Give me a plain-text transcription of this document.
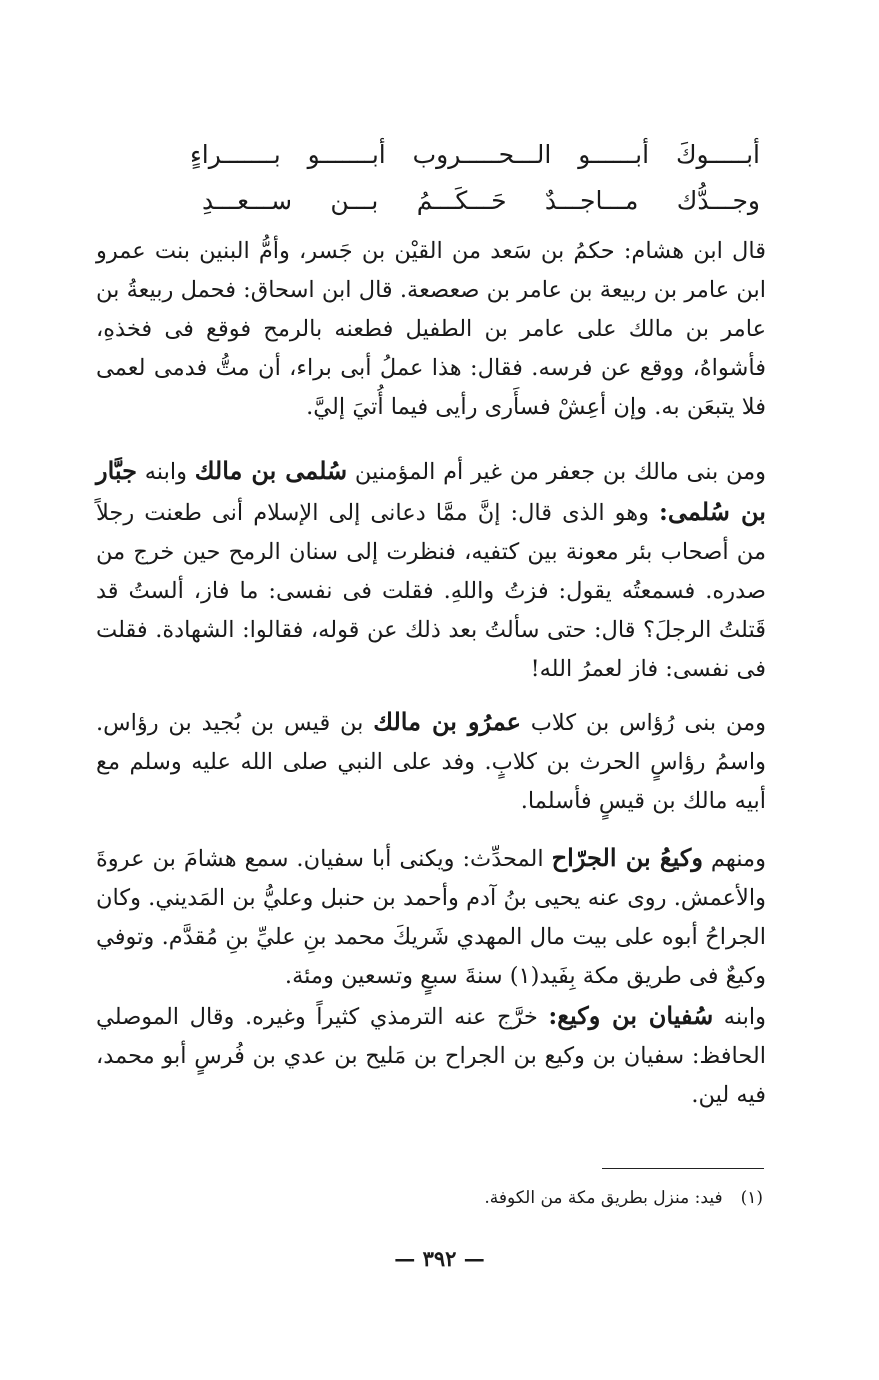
أبـــــوكَ أبــــــو الـــحـــــروب أبـــــــو بـــــــراءٍ
وجـــدُّك مـــاجـــدٌ حَـــكَـــمُ بـــن ســـعـــدِ

قال ابن هشام: حكمُ بن سَعد من القيْن بن جَسر، وأمُّ البنين بنت عمرو ابن عامر بن ربيعة بن عامر بن صعصعة. قال ابن اسحاق: فحمل ربيعةُ بن عامر بن مالك على عامر بن الطفيل فطعنه بالرمح فوقع فى فخذهِ، فأشواهُ، ووقع عن فرسه. فقال: هذا عملُ أبى براء، أن متُّ فدمى لعمى فلا يتبعَن به. وإن أعِشْ فسأَرى رأيى فيما أُتيَ إليَّ.

ومن بنى مالك بن جعفر من غير أم المؤمنين سُلمى بن مالك وابنه جبَّار بن سُلمى: وهو الذى قال: إنَّ ممَّا دعانى إلى الإسلام أنى طعنت رجلاً من أصحاب بئر معونة بين كتفيه، فنظرت إلى سنان الرمح حين خرج من صدره. فسمعتُه يقول: فزتُ واللهِ. فقلت فى نفسى: ما فاز، ألستُ قد قَتلتُ الرجلَ؟ قال: حتى سألتُ بعد ذلك عن قوله، فقالوا: الشهادة. فقلت فى نفسى: فاز لعمرُ الله!

ومن بنى رُؤاس بن كلاب عمرُو بن مالك بن قيس بن بُجيد بن رؤاس. واسمُ رؤاسٍ الحرث بن كلابٍ. وفد على النبي صلى الله عليه وسلم مع أبيه مالك بن قيسٍ فأسلما.

ومنهم وكيعُ بن الجرّاح المحدِّث: ويكنى أبا سفيان. سمع هشامَ بن عروةَ والأعمش. روى عنه يحيى بنُ آدم وأحمد بن حنبل وعليُّ بن المَديني. وكان الجراحُ أبوه على بيت مال المهدي شَريكَ محمد بنِ عليِّ بنِ مُقدَّم. وتوفي وكيعٌ فى طريق مكة بِفَيد(١) سنةَ سبعٍ وتسعين ومئة.

وابنه سُفيان بن وكيع: خرَّج عنه الترمذي كثيراً وغيره. وقال الموصلي الحافظ: سفيان بن وكيع بن الجراح بن مَليح بن عدي بن فُرسٍ أبو محمد، فيه لين.

(١)فيد: منزل بطريق مكة من الكوفة.
— ٣٩٢ —
